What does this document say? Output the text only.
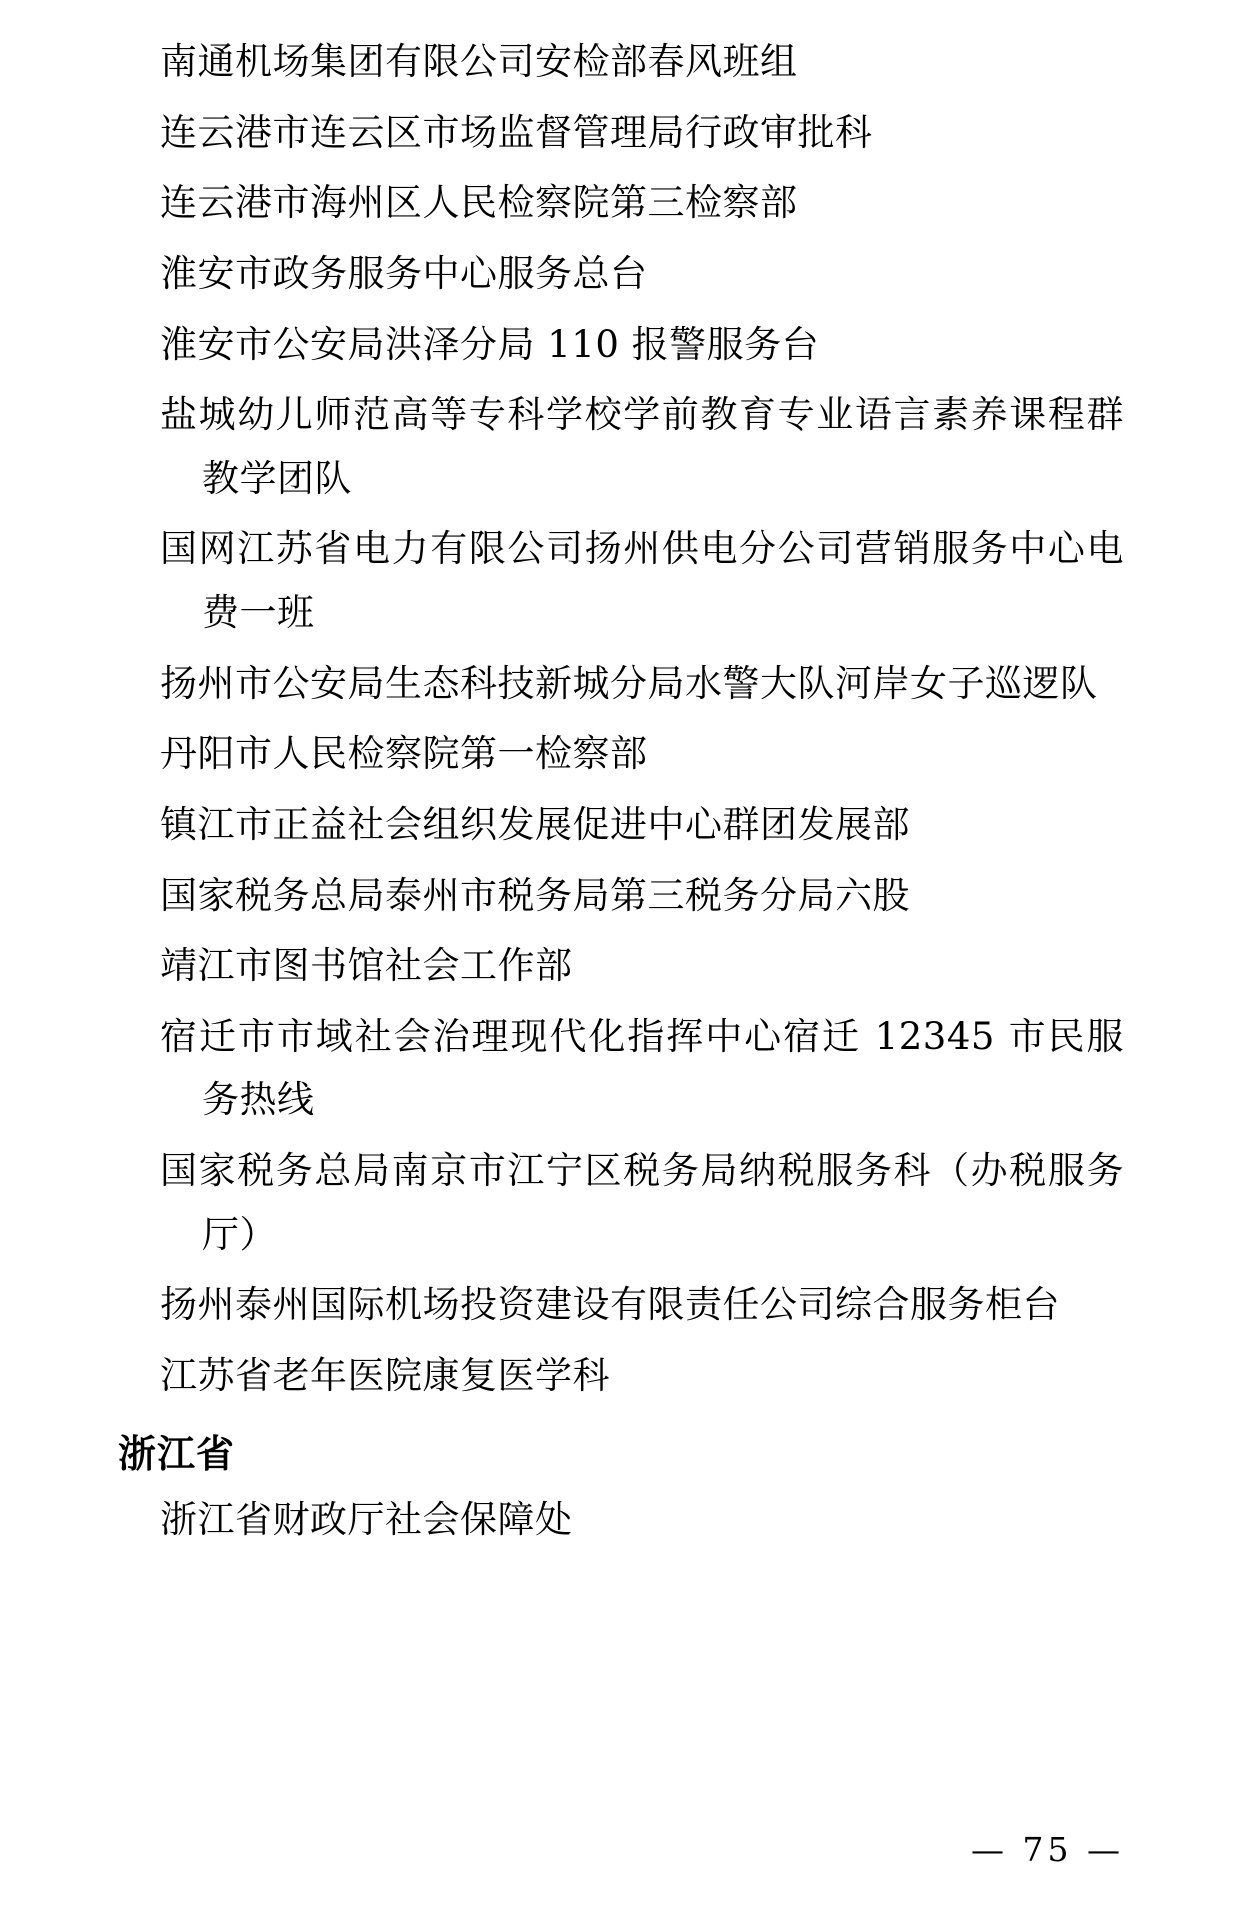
南通机场集团有限公司安检部春风班组

连云港市连云区市场监督管理局行政审批科

连云港市海州区人民检察院第三检察部

淮安市政务服务中心服务总台

淮安市公安局洪泽分局 110 报警服务台

盐城幼儿师范高等专科学校学前教育专业语言素养课程群教学团队

国网江苏省电力有限公司扬州供电分公司营销服务中心电费一班

扬州市公安局生态科技新城分局水警大队河岸女子巡逻队

丹阳市人民检察院第一检察部

镇江市正益社会组织发展促进中心群团发展部

国家税务总局泰州市税务局第三税务分局六股

靖江市图书馆社会工作部

宿迁市市域社会治理现代化指挥中心宿迁 12345 市民服务热线

国家税务总局南京市江宁区税务局纳税服务科（办税服务厅）

扬州泰州国际机场投资建设有限责任公司综合服务柜台

江苏省老年医院康复医学科

浙江省

浙江省财政厅社会保障处

— 75 —
